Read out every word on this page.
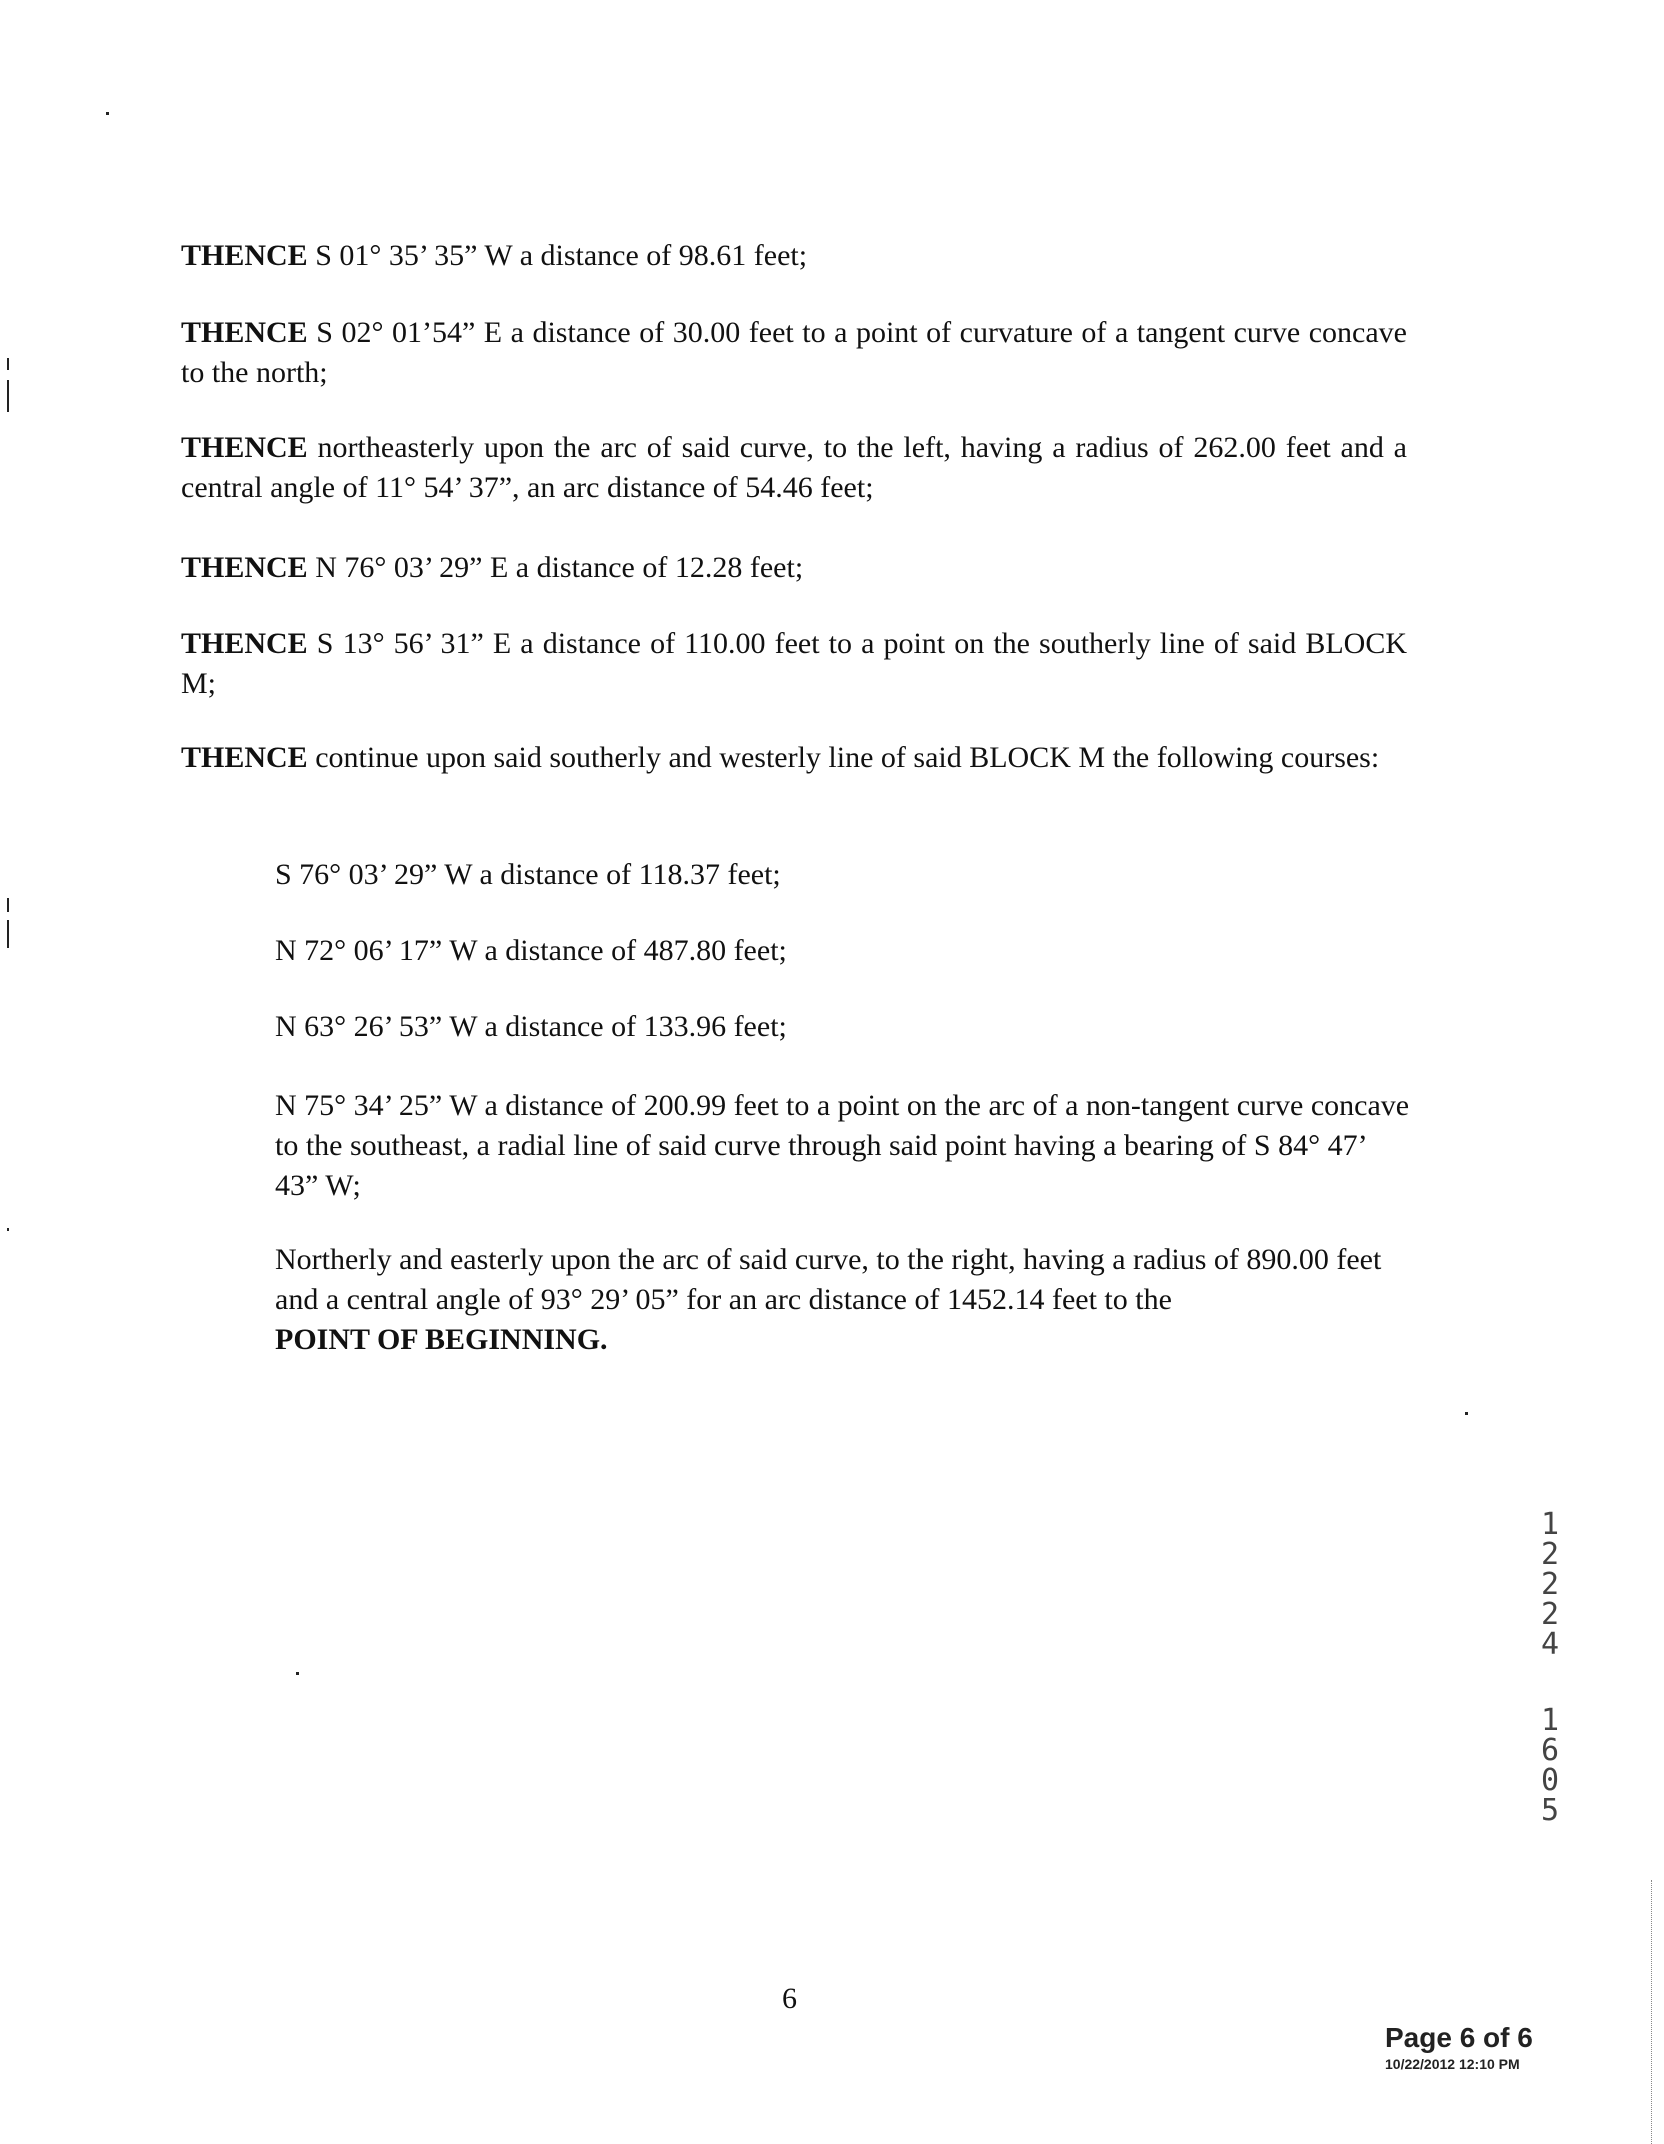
THENCE S 01° 35’ 35” W a distance of 98.61 feet;
THENCE S 02° 01’54” E a distance of 30.00 feet to a point of curvature of a tangent curve concave to the north;
THENCE northeasterly upon the arc of said curve, to the left, having a radius of 262.00 feet and a central angle of 11° 54’ 37”, an arc distance of 54.46 feet;
THENCE N 76° 03’ 29” E a distance of 12.28 feet;
THENCE S 13° 56’ 31” E a distance of 110.00 feet to a point on the southerly line of said BLOCK M;
THENCE continue upon said southerly and westerly line of said BLOCK M the following courses:
S 76° 03’ 29” W a distance of 118.37 feet;
N 72° 06’ 17” W a distance of 487.80 feet;
N 63° 26’ 53” W a distance of 133.96 feet;
N 75° 34’ 25” W a distance of 200.99 feet to a point on the arc of a non-tangent curve concave to the southeast, a radial line of said curve through said point having a bearing of S 84° 47’ 43” W;
Northerly and easterly upon the arc of said curve, to the right, having a radius of 890.00 feet and a central angle of 93° 29’ 05” for an arc distance of 1452.14 feet to the
POINT OF BEGINNING.
1
2
2
2
4
1
6
0
5
6
Page 6 of 6
10/22/2012 12:10 PM
